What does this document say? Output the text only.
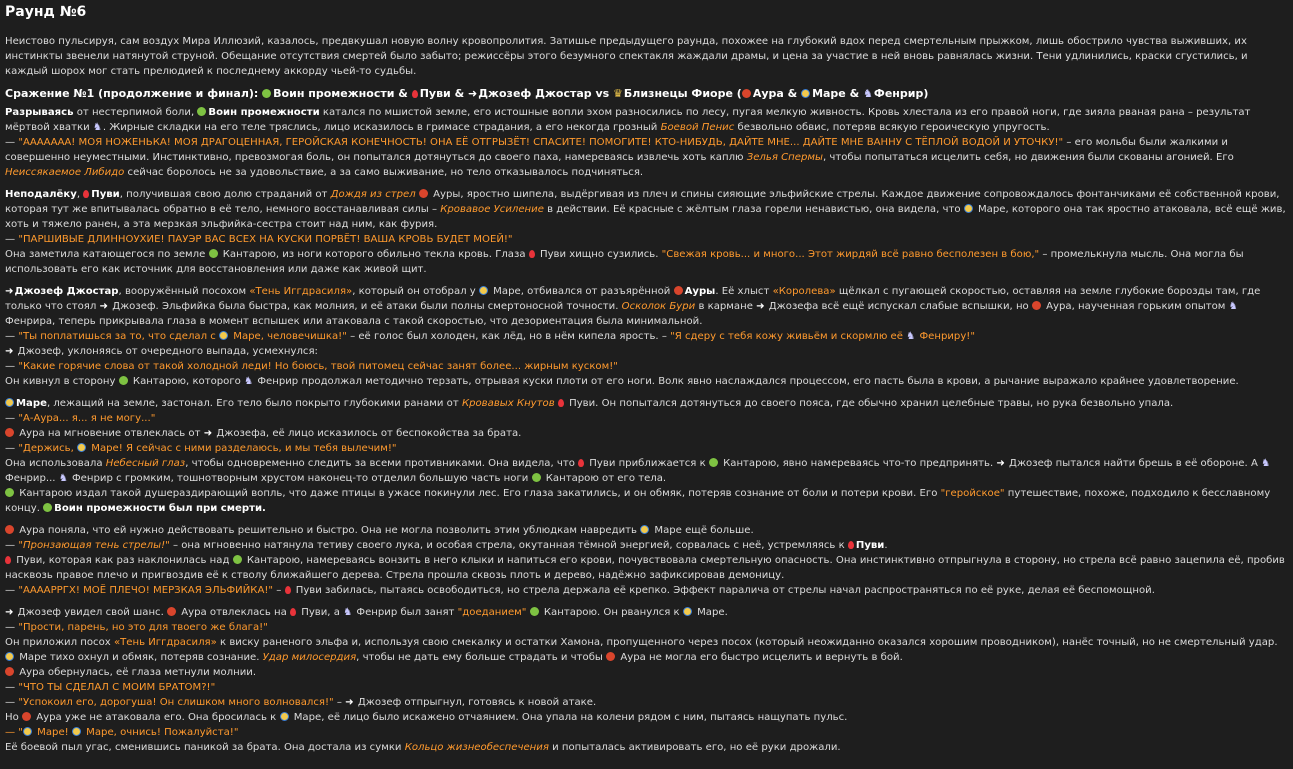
Раунд №6

Неистово пульсируя, сам воздух Мира Иллюзий, казалось, предвкушал новую волну кровопролития. Затишье предыдущего раунда, похожее на глубокий вдох перед смертельным прыжком, лишь обострило чувства выживших, их инстинкты звенели натянутой струной. Обещание отсутствия смертей было забыто; режиссёры этого безумного спектакля жаждали драмы, и цена за участие в ней вновь равнялась жизни. Тени удлинились, краски сгустились, и каждый шорох мог стать прелюдией к последнему аккорду чьей-то судьбы.

Сражение №1 (продолжение и финал): Воин промежности & Пуви & ➜Джозеф Джостар vs ♛Близнецы Фиоре ( Аура & Маре & ♞Фенрир)
Разрываясь от нестерпимой боли, Воин промежности катался по мшистой земле, его истошные вопли эхом разносились по лесу, пугая мелкую живность. Кровь хлестала из его правой ноги, где зияла рваная рана – результат мёртвой хватки ♞. Жирные складки на его теле тряслись, лицо исказилось в гримасе страдания, а его некогда грозный Боевой Пенис безвольно обвис, потеряв всякую героическую упругость.
— "ААААААА! МОЯ НОЖЕНЬКА! МОЯ ДРАГОЦЕННАЯ, ГЕРОЙСКАЯ КОНЕЧНОСТЬ! ОНА ЕЁ ОТГРЫЗЁТ! СПАСИТЕ! ПОМОГИТЕ! КТО-НИБУДЬ, ДАЙТЕ МНЕ... ДАЙТЕ МНЕ ВАННУ С ТЁПЛОЙ ВОДОЙ И УТОЧКУ!" – его мольбы были жалкими и совершенно неуместными. Инстинктивно, превозмогая боль, он попытался дотянуться до своего паха, намереваясь извлечь хоть каплю Зелья Спермы, чтобы попытаться исцелить себя, но движения были скованы агонией. Его Неиссякаемое Либидо сейчас боролось не за удовольствие, а за само выживание, но тело отказывалось подчиняться.
Неподалёку, Пуви, получившая свою долю страданий от Дождя из стрел  Ауры, яростно шипела, выдёргивая из плеч и спины сияющие эльфийские стрелы. Каждое движение сопровождалось фонтанчиками её собственной крови, которая тут же впитывалась обратно в её тело, немного восстанавливая силы – Кровавое Усиление в действии. Её красные с жёлтым глаза горели ненавистью, она видела, что  Маре, которого она так яростно атаковала, всё ещё жив, хоть и тяжело ранен, а эта мерзкая эльфийка-сестра стоит над ним, как фурия.
— "ПАРШИВЫЕ ДЛИННОУХИЕ! ПАУЭР ВАС ВСЕХ НА КУСКИ ПОРВЁТ! ВАША КРОВЬ БУДЕТ МОЕЙ!"
Она заметила катающегося по земле  Кантарою, из ноги которого обильно текла кровь. Глаза  Пуви хищно сузились. "Свежая кровь... и много... Этот жирдяй всё равно бесполезен в бою," – промелькнула мысль. Она могла бы использовать его как источник для восстановления или даже как живой щит.
➜Джозеф Джостар, вооружённый посохом «Тень Иггдрасиля», который он отобрал у  Маре, отбивался от разъярённой Ауры. Её хлыст «Королева» щёлкал с пугающей скоростью, оставляя на земле глубокие борозды там, где только что стоял ➜ Джозеф. Эльфийка была быстра, как молния, и её атаки были полны смертоносной точности. Осколок Бури в кармане ➜ Джозефа всё ещё испускал слабые вспышки, но  Аура, наученная горьким опытом ♞ Фенрира, теперь прикрывала глаза в момент вспышек или атаковала с такой скоростью, что дезориентация была минимальной.
— "Ты поплатишься за то, что сделал с  Маре, человечишка!" – её голос был холоден, как лёд, но в нём кипела ярость. – "Я сдеру с тебя кожу живьём и скормлю её ♞ Фенриру!"
➜ Джозеф, уклоняясь от очередного выпада, усмехнулся:
— "Какие горячие слова от такой холодной леди! Но боюсь, твой питомец сейчас занят более... жирным куском!"
Он кивнул в сторону  Кантарою, которого ♞ Фенрир продолжал методично терзать, отрывая куски плоти от его ноги. Волк явно наслаждался процессом, его пасть была в крови, а рычание выражало крайнее удовлетворение.
Маре, лежащий на земле, застонал. Его тело было покрыто глубокими ранами от Кровавых Кнутов  Пуви. Он попытался дотянуться до своего пояса, где обычно хранил целебные травы, но рука безвольно упала.
— "А-Аура... я... я не могу..."
Аура на мгновение отвлеклась от ➜ Джозефа, её лицо исказилось от беспокойства за брата.
— "Держись,  Маре! Я сейчас с ними разделаюсь, и мы тебя вылечим!"
Она использовала Небесный глаз, чтобы одновременно следить за всеми противниками. Она видела, что  Пуви приближается к  Кантарою, явно намереваясь что-то предпринять. ➜ Джозеф пытался найти брешь в её обороне. А ♞ Фенрир... ♞ Фенрир с громким, тошнотворным хрустом наконец-то отделил большую часть ноги  Кантарою от его тела.
Кантарою издал такой душераздирающий вопль, что даже птицы в ужасе покинули лес. Его глаза закатились, и он обмяк, потеряв сознание от боли и потери крови. Его "геройское" путешествие, похоже, подходило к бесславному концу. Воин промежности был при смерти.
Аура поняла, что ей нужно действовать решительно и быстро. Она не могла позволить этим ублюдкам навредить  Маре ещё больше.
— "Пронзающая тень стрелы!" – она мгновенно натянула тетиву своего лука, и особая стрела, окутанная тёмной энергией, сорвалась с неё, устремляясь к Пуви.
Пуви, которая как раз наклонилась над  Кантарою, намереваясь вонзить в него клыки и напиться его крови, почувствовала смертельную опасность. Она инстинктивно отпрыгнула в сторону, но стрела всё равно зацепила её, пробив насквозь правое плечо и пригвоздив её к стволу ближайшего дерева. Стрела прошла сквозь плоть и дерево, надёжно зафиксировав демоницу.
— "ААААРРГХ! МОЁ ПЛЕЧО! МЕРЗКАЯ ЭЛЬФИЙКА!" –  Пуви забилась, пытаясь освободиться, но стрела держала её крепко. Эффект паралича от стрелы начал распространяться по её руке, делая её беспомощной.
➜ Джозеф увидел свой шанс.  Аура отвлеклась на  Пуви, а ♞ Фенрир был занят "доеданием"  Кантарою. Он рванулся к  Маре.
— "Прости, парень, но это для твоего же блага!"
Он приложил посох «Тень Иггдрасиля» к виску раненого эльфа и, используя свою смекалку и остатки Хамона, пропущенного через посох (который неожиданно оказался хорошим проводником), нанёс точный, но не смертельный удар.  Маре тихо охнул и обмяк, потеряв сознание. Удар милосердия, чтобы не дать ему больше страдать и чтобы  Аура не могла его быстро исцелить и вернуть в бой.
Аура обернулась, её глаза метнули молнии.
— "ЧТО ТЫ СДЕЛАЛ С МОИМ БРАТОМ?!"
— "Успокоил его, дорогуша! Он слишком много волновался!" – ➜ Джозеф отпрыгнул, готовясь к новой атаке.
Но  Аура уже не атаковала его. Она бросилась к  Маре, её лицо было искажено отчаянием. Она упала на колени рядом с ним, пытаясь нащупать пульс.
— " Маре!  Маре, очнись! Пожалуйста!"
Её боевой пыл угас, сменившись паникой за брата. Она достала из сумки Кольцо жизнеобеспечения и попыталась активировать его, но её руки дрожали.
